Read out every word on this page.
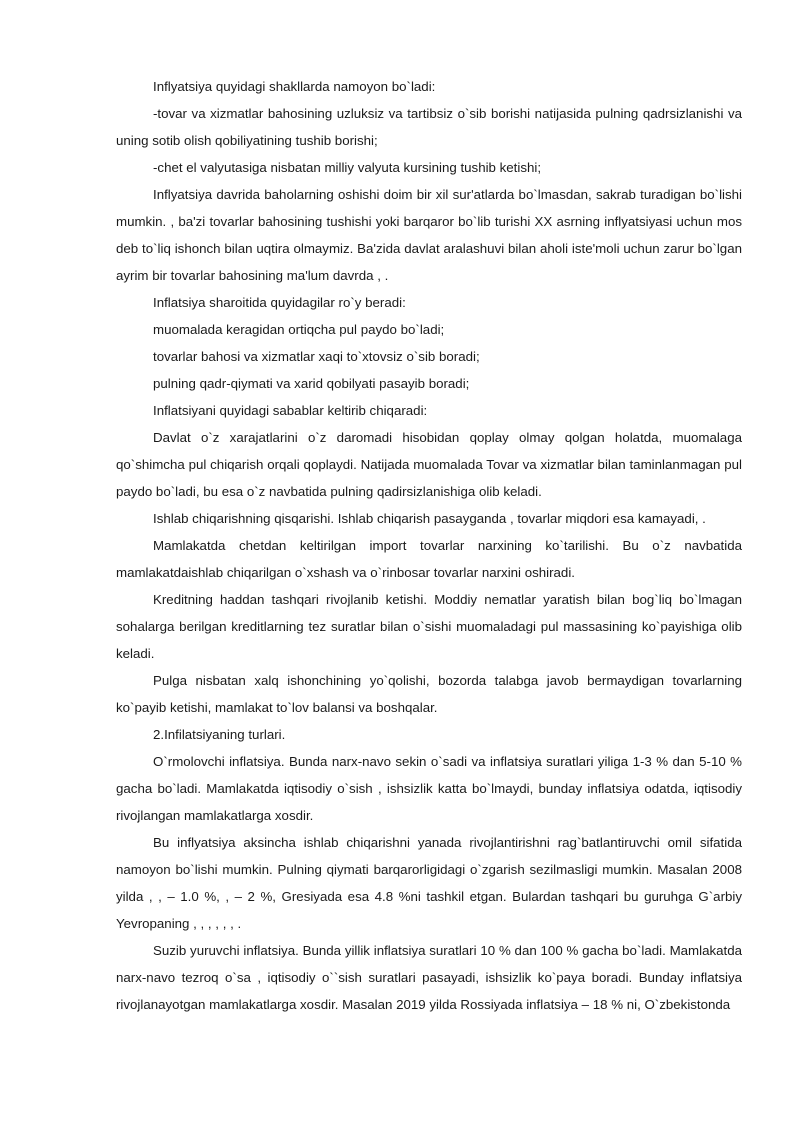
Inflyatsiya quyidagi shakllarda namoyon bo`ladi:

-tovar va xizmatlar bahosining uzluksiz va tartibsiz o`sib borishi natijasida pulning qadrsizlanishi va uning sotib olish qobiliyatining tushib borishi;

-chet el valyutasiga nisbatan milliy valyuta kursining tushib ketishi;

Inflyatsiya davrida baholarning oshishi doim bir xil sur'atlarda bo`lmasdan, sakrab turadigan bo`lishi mumkin. , ba'zi tovarlar bahosining tushishi yoki barqaror bo`lib turishi XX asrning inflyatsiyasi uchun mos deb to`liq ishonch bilan uqtira olmaymiz. Ba'zida davlat aralashuvi bilan aholi iste'moli uchun zarur bo`lgan ayrim bir tovarlar bahosining ma'lum davrda , .

Inflatsiya sharoitida quyidagilar ro`y beradi:

muomalada keragidan ortiqcha pul paydo bo`ladi;

tovarlar bahosi va xizmatlar xaqi to`xtovsiz o`sib boradi;

pulning qadr-qiymati va xarid qobilyati pasayib boradi;

Inflatsiyani quyidagi sabablar keltirib chiqaradi:

Davlat o`z xarajatlarini o`z daromadi hisobidan qoplay olmay qolgan holatda, muomalaga qo`shimcha pul chiqarish orqali qoplaydi. Natijada muomalada Tovar va xizmatlar bilan taminlanmagan pul paydo bo`ladi, bu esa o`z navbatida pulning qadirsizlanishiga olib keladi.

Ishlab chiqarishning qisqarishi. Ishlab chiqarish pasayganda , tovarlar miqdori esa kamayadi, .

Mamlakatda chetdan keltirilgan import tovarlar narxining ko`tarilishi. Bu o`z navbatida mamlakatdaishlab chiqarilgan o`xshash va o`rinbosar tovarlar narxini oshiradi.

Kreditning haddan tashqari rivojlanib ketishi. Moddiy nematlar yaratish bilan bog`liq bo`lmagan sohalarga berilgan kreditlarning tez suratlar bilan o`sishi muomaladagi pul massasining ko`payishiga olib keladi.

Pulga nisbatan xalq ishonchining yo`qolishi, bozorda talabga javob bermaydigan tovarlarning ko`payib ketishi, mamlakat to`lov balansi va boshqalar.

2.Infilatsiyaning turlari.

O`rmolovchi inflatsiya. Bunda narx-navo sekin o`sadi va inflatsiya suratlari yiliga 1-3 % dan 5-10 % gacha bo`ladi. Mamlakatda iqtisodiy o`sish , ishsizlik katta bo`lmaydi, bunday inflatsiya odatda, iqtisodiy rivojlangan mamlakatlarga xosdir.

Bu inflyatsiya aksincha ishlab chiqarishni yanada rivojlantirishni rag`batlantiruvchi omil sifatida namoyon bo`lishi mumkin. Pulning qiymati barqarorligidagi o`zgarish sezilmasligi mumkin. Masalan 2008 yilda , , – 1.0 %, , – 2 %, Gresiyada esa 4.8 %ni tashkil etgan. Bulardan tashqari bu guruhga G`arbiy Yevropaning , , , , , , .

Suzib yuruvchi inflatsiya. Bunda yillik inflatsiya suratlari 10 % dan 100 % gacha bo`ladi. Mamlakatda narx-navo tezroq o`sa , iqtisodiy o``sish suratlari pasayadi, ishsizlik ko`paya boradi. Bunday inflatsiya rivojlanayotgan mamlakatlarga xosdir. Masalan 2019 yilda Rossiyada inflatsiya – 18 % ni, O`zbekistonda
